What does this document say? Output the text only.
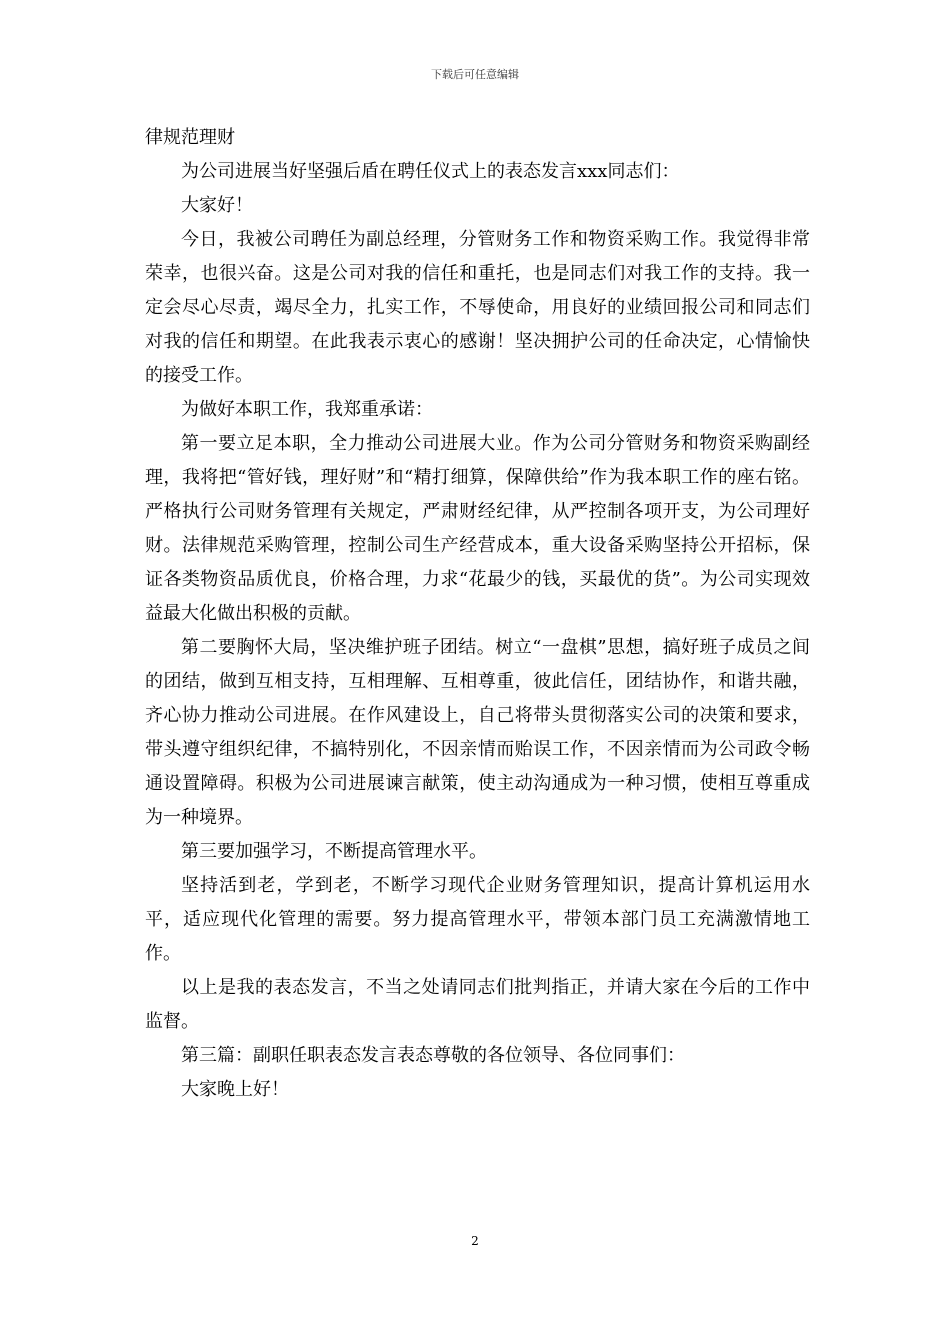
下载后可任意编辑

律规范理财

为公司进展当好坚强后盾在聘任仪式上的表态发言xxx同志们：

大家好！

今日，我被公司聘任为副总经理，分管财务工作和物资采购工作。我觉得非常荣幸，也很兴奋。这是公司对我的信任和重托，也是同志们对我工作的支持。我一定会尽心尽责，竭尽全力，扎实工作，不辱使命，用良好的业绩回报公司和同志们对我的信任和期望。在此我表示衷心的感谢！坚决拥护公司的任命决定，心情愉快的接受工作。

为做好本职工作，我郑重承诺：

第一要立足本职，全力推动公司进展大业。作为公司分管财务和物资采购副经理，我将把“管好钱，理好财”和“精打细算，保障供给”作为我本职工作的座右铭。严格执行公司财务管理有关规定，严肃财经纪律，从严控制各项开支，为公司理好财。法律规范采购管理，控制公司生产经营成本，重大设备采购坚持公开招标，保证各类物资品质优良，价格合理，力求“花最少的钱，买最优的货”。为公司实现效益最大化做出积极的贡献。

第二要胸怀大局，坚决维护班子团结。树立“一盘棋”思想，搞好班子成员之间的团结，做到互相支持，互相理解、互相尊重，彼此信任，团结协作，和谐共融，齐心协力推动公司进展。在作风建设上，自己将带头贯彻落实公司的决策和要求，带头遵守组织纪律，不搞特别化，不因亲情而贻误工作，不因亲情而为公司政令畅通设置障碍。积极为公司进展谏言献策，使主动沟通成为一种习惯，使相互尊重成为一种境界。

第三要加强学习，不断提高管理水平。

坚持活到老，学到老，不断学习现代企业财务管理知识，提高计算机运用水平，适应现代化管理的需要。努力提高管理水平，带领本部门员工充满激情地工作。

以上是我的表态发言，不当之处请同志们批判指正，并请大家在今后的工作中监督。

第三篇：副职任职表态发言表态尊敬的各位领导、各位同事们：

大家晚上好！

2
